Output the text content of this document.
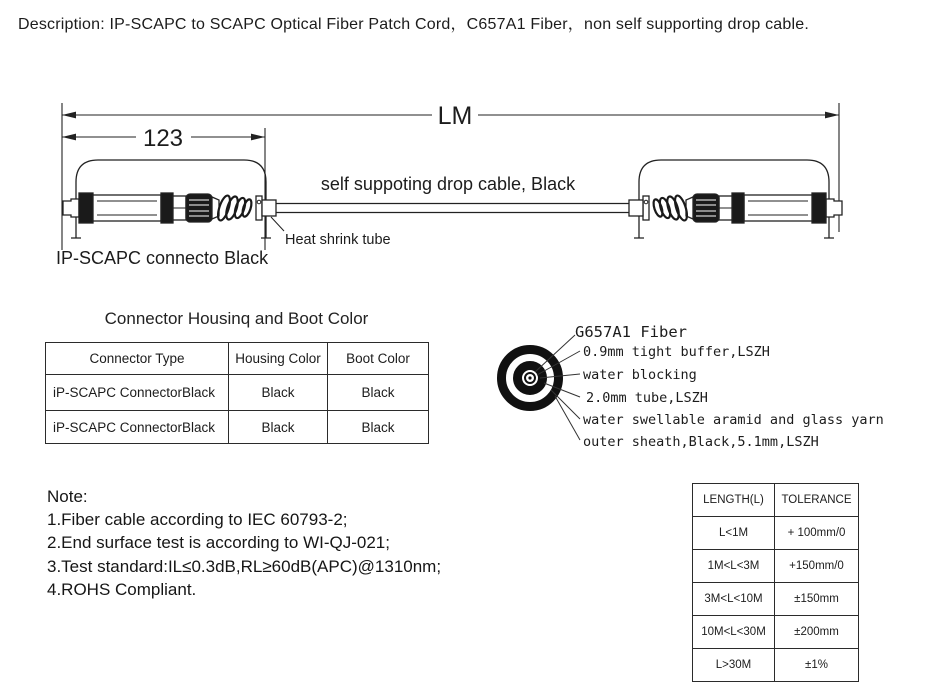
Description: IP-SCAPC to SCAPC Optical Fiber Patch Cord，C657A1 Fiber，non self supporting drop cable.
LM
123
self suppoting drop cable, Black
Heat shrink tube
IP-SCAPC connecto Black
G657A1 Fiber
0.9mm tight buffer,LSZH
water blocking
2.0mm tube,LSZH
water swellable aramid and glass yarn
outer sheath,Black,5.1mm,LSZH
Connector Housinq and Boot Color
Connector Type	Housing Color	Boot Color
iP-SCAPC ConnectorBlack	Black	Black
iP-SCAPC ConnectorBlack	Black	Black
Note:
1.Fiber cable according to IEC 60793-2;
2.End surface test is according to WI-QJ-021;
3.Test standard:IL≤0.3dB,RL≥60dB(APC)@1310nm;
4.ROHS Compliant.
LENGTH(L)	TOLERANCE
L<1M	+ 100mm/0
1M<L<3M	+150mm/0
3M<L<10M	±150mm
10M<L<30M	±200mm
L>30M	±1%
